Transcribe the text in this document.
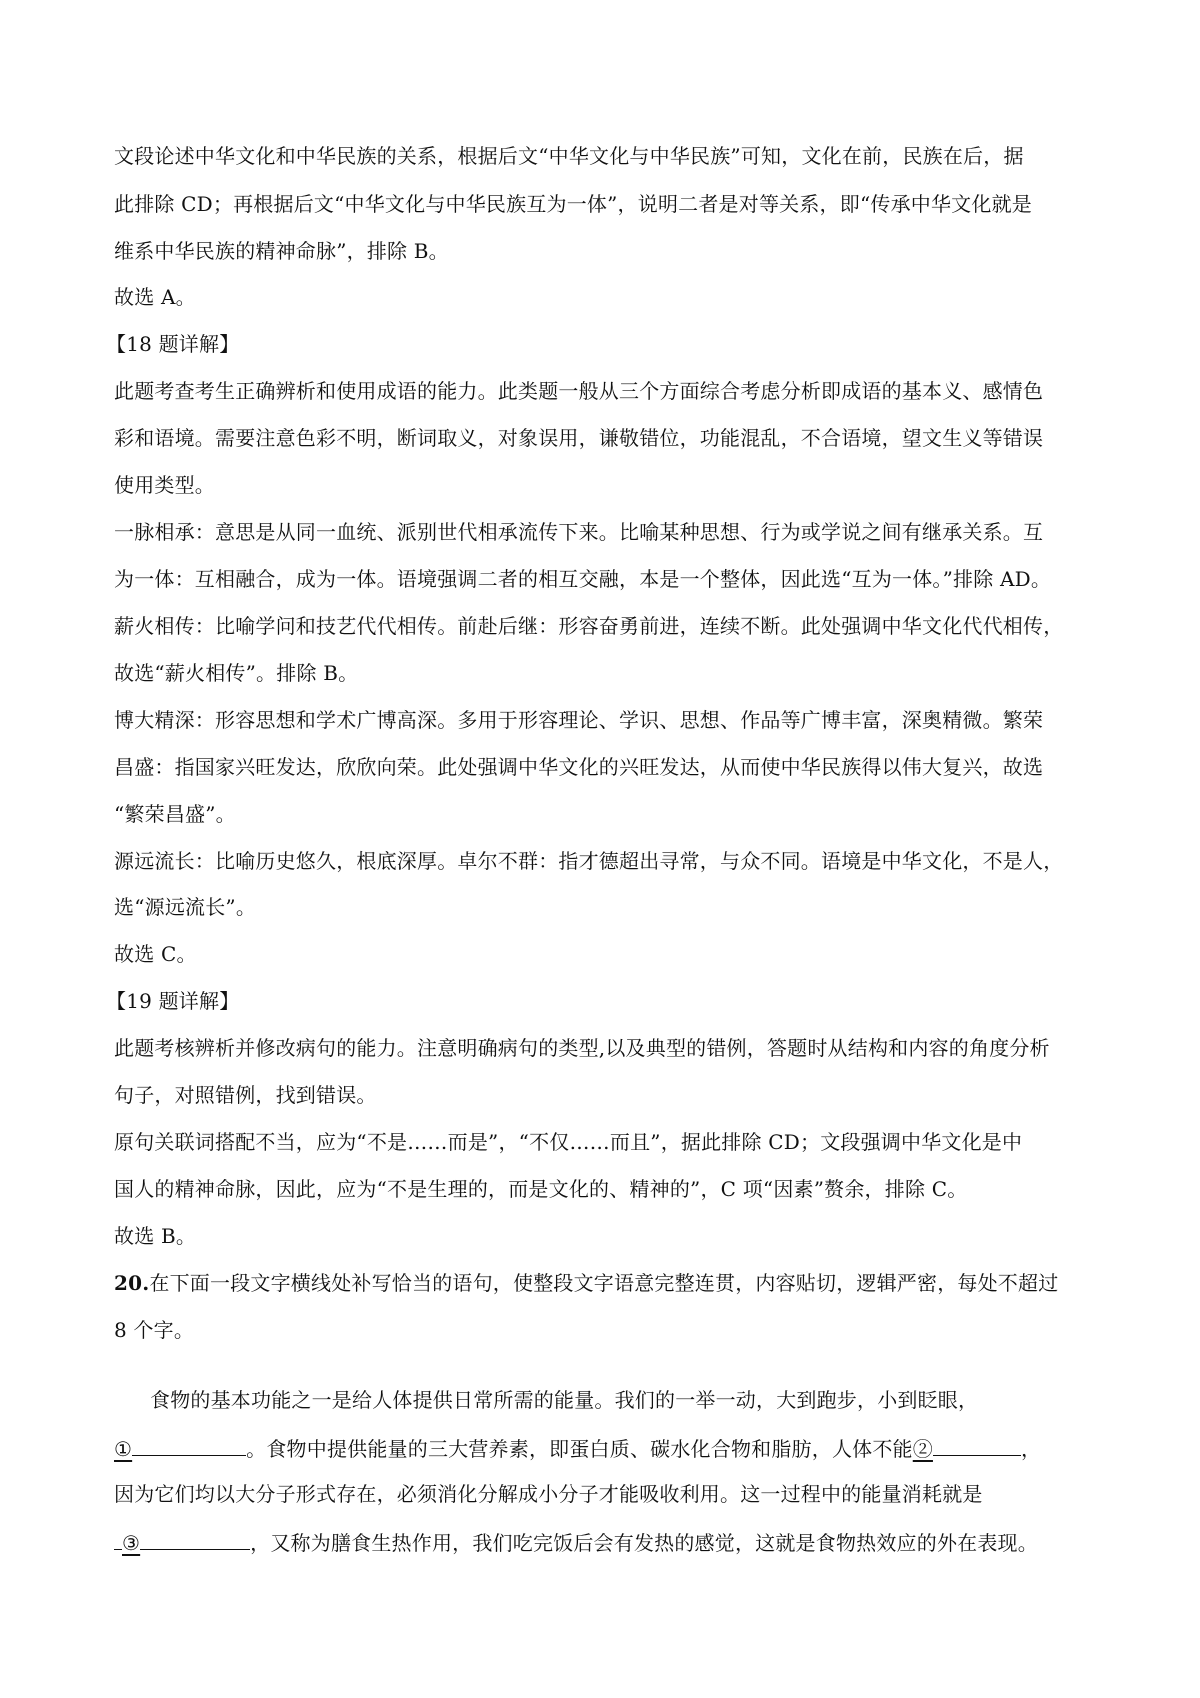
文段论述中华文化和中华民族的关系，根据后文“中华文化与中华民族”可知，文化在前，民族在后，据
此排除 CD；再根据后文“中华文化与中华民族互为一体”，说明二者是对等关系，即“传承中华文化就是
维系中华民族的精神命脉”，排除 B。
故选 A。
【18 题详解】
此题考查考生正确辨析和使用成语的能力。此类题一般从三个方面综合考虑分析即成语的基本义、感情色
彩和语境。需要注意色彩不明，断词取义，对象误用，谦敬错位，功能混乱，不合语境，望文生义等错误
使用类型。
一脉相承：意思是从同一血统、派别世代相承流传下来。比喻某种思想、行为或学说之间有继承关系。互
为一体：互相融合，成为一体。语境强调二者的相互交融，本是一个整体，因此选“互为一体。”排除 AD。
薪火相传：比喻学问和技艺代代相传。前赴后继：形容奋勇前进，连续不断。此处强调中华文化代代相传，
故选“薪火相传”。排除 B。
博大精深：形容思想和学术广博高深。多用于形容理论、学识、思想、作品等广博丰富，深奥精微。繁荣
昌盛：指国家兴旺发达，欣欣向荣。此处强调中华文化的兴旺发达，从而使中华民族得以伟大复兴，故选
“繁荣昌盛”。
源远流长：比喻历史悠久，根底深厚。卓尔不群：指才德超出寻常，与众不同。语境是中华文化，不是人，
选“源远流长”。
故选 C。
【19 题详解】
此题考核辨析并修改病句的能力。注意明确病句的类型,以及典型的错例，答题时从结构和内容的角度分析
句子，对照错例，找到错误。
原句关联词搭配不当，应为“不是……而是”，“不仅……而且”，据此排除 CD；文段强调中华文化是中
国人的精神命脉，因此，应为“不是生理的，而是文化的、精神的”，C 项“因素”赘余，排除 C。
故选 B。
20.在下面一段文字横线处补写恰当的语句，使整段文字语意完整连贯，内容贴切，逻辑严密，每处不超过
8 个字。
食物的基本功能之一是给人体提供日常所需的能量。我们的一举一动，大到跑步，小到眨眼，
①	。食物中提供能量的三大营养素，即蛋白质、碳水化合物和脂肪，人体不能②	，
因为它们均以大分子形式存在，必须消化分解成小分子才能吸收利用。这一过程中的能量消耗就是
③	，又称为膳食生热作用，我们吃完饭后会有发热的感觉，这就是食物热效应的外在表现。
